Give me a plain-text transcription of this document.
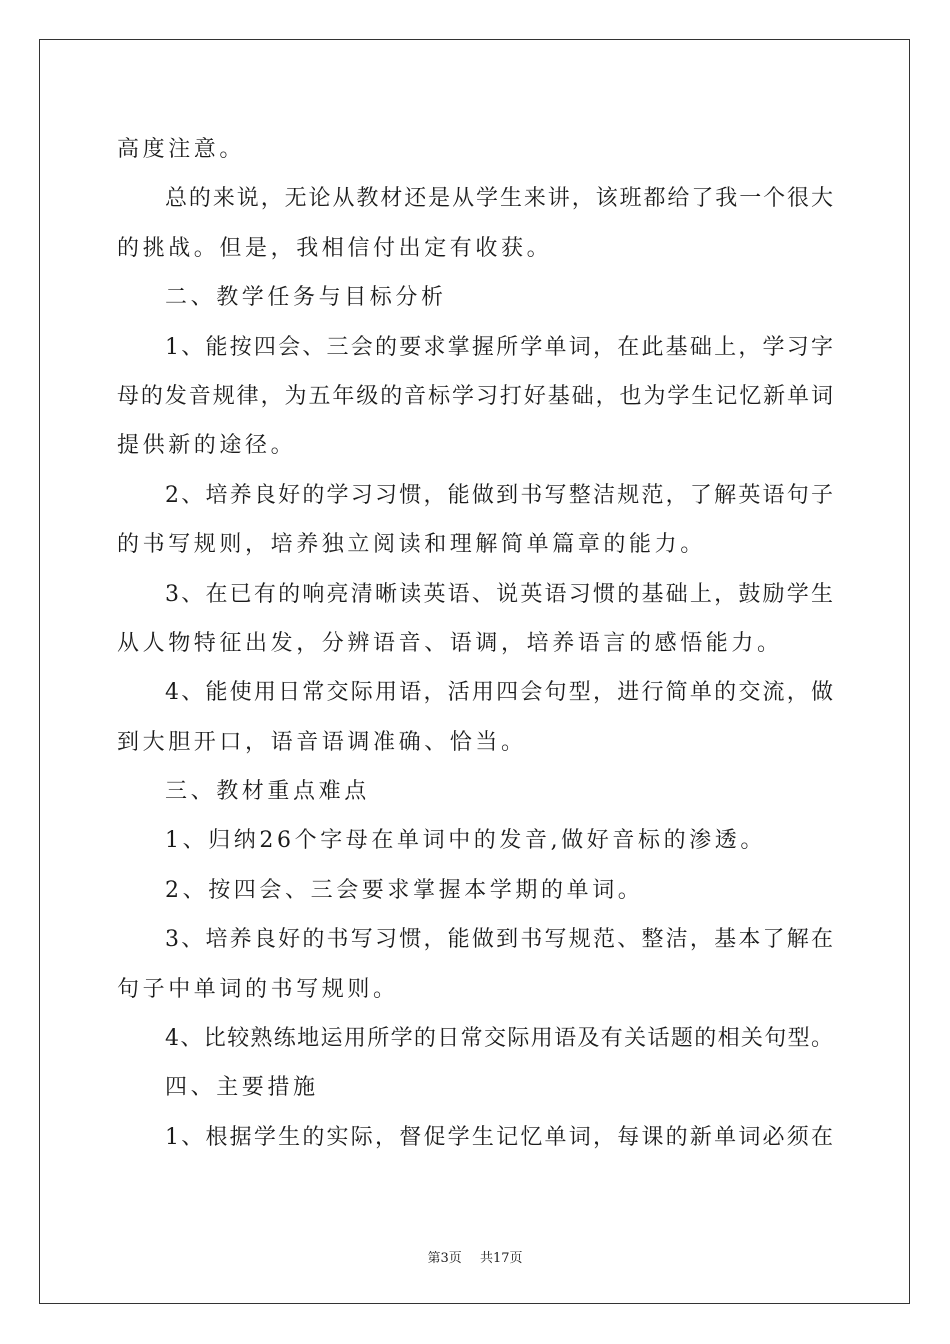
高度注意。
总的来说，无论从教材还是从学生来讲，该班都给了我一个很大
的挑战。但是，我相信付出定有收获。
二、教学任务与目标分析
1、能按四会、三会的要求掌握所学单词，在此基础上，学习字
母的发音规律，为五年级的音标学习打好基础，也为学生记忆新单词
提供新的途径。
2、培养良好的学习习惯，能做到书写整洁规范，了解英语句子
的书写规则，培养独立阅读和理解简单篇章的能力。
3、在已有的响亮清晰读英语、说英语习惯的基础上，鼓励学生
从人物特征出发，分辨语音、语调，培养语言的感悟能力。
4、能使用日常交际用语，活用四会句型，进行简单的交流，做
到大胆开口，语音语调准确、恰当。
三、教材重点难点
1、归纳26个字母在单词中的发音,做好音标的渗透。
2、按四会、三会要求掌握本学期的单词。
3、培养良好的书写习惯，能做到书写规范、整洁，基本了解在
句子中单词的书写规则。
4、比较熟练地运用所学的日常交际用语及有关话题的相关句型。
四、主要措施
1、根据学生的实际，督促学生记忆单词，每课的新单词必须在
第3页 共17页
